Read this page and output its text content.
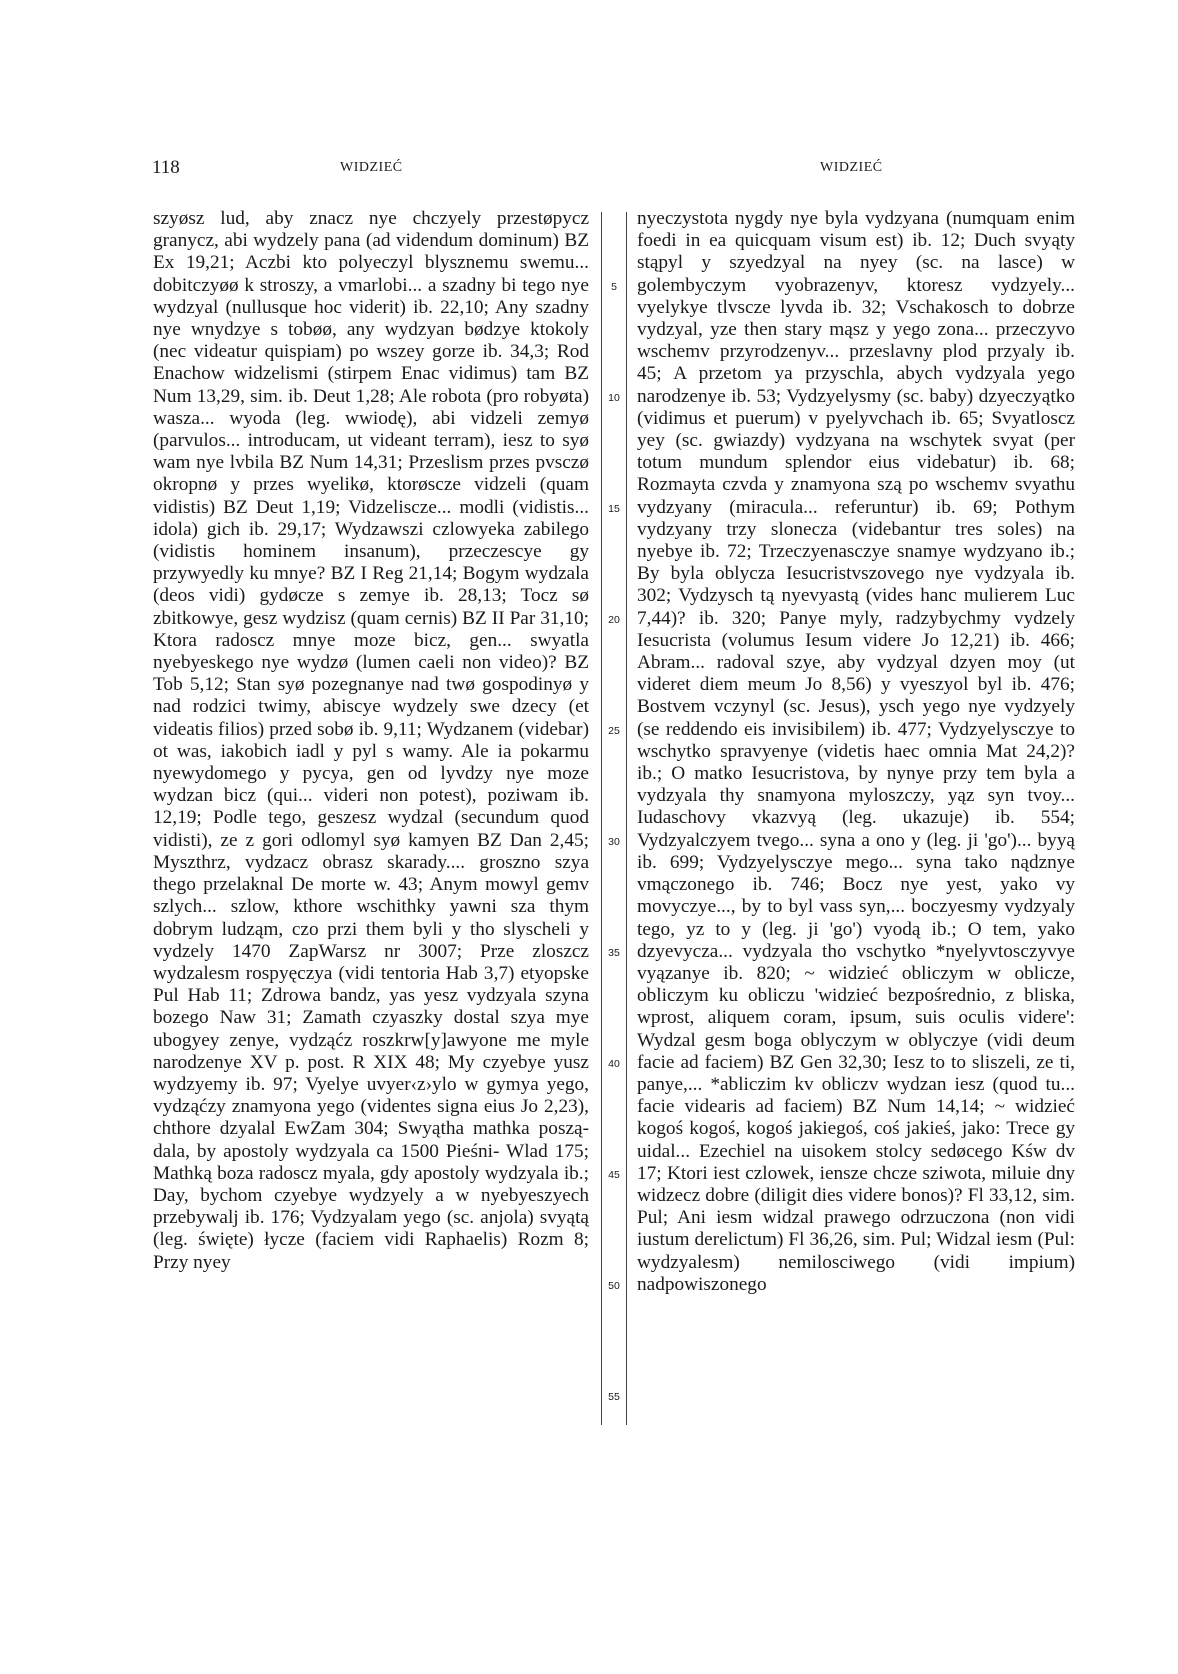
118	WIDZIEĆ	WIDZIEĆ

szyøsz lud, aby znacz nye chczyely przestøpycz granycz, abi wydzely pana (ad videndum dominum) BZ Ex 19,21; Aczbi kto polyeczyl blysznemu swemu... dobitczyøø k stroszy, a vmarlobi... a szadny bi tego nye wydzyal (nullusque hoc viderit) ib. 22,10; Any szadny nye wnydzye s tobøø, any wydzyan bødzye ktokoly (nec videatur quispiam) po wszey gorze ib. 34,3; Rod Enachow widzelismi (stirpem Enac vidimus) tam BZ Num 13,29, sim. ib. Deut 1,28; Ale robota (pro robyøta) wasza... wyoda (leg. wwiodę), abi vidzeli zemyø (parvulos... introducam, ut videant terram), iesz to syø wam nye lvbila BZ Num 14,31; Przeslism przes pvsczø okropnø y przes wyelikø, ktorøscze vidzeli (quam vidistis) BZ Deut 1,19; Vidzeliscze... modli (vidistis... idola) gich ib. 29,17; Wydzawszi czlowyeka zabilego (vidistis hominem insanum), przeczescye gy przywyedly ku mnye? BZ I Reg 21,14; Bogym wydzala (deos vidi) gydøcze s zemye ib. 28,13; Tocz sø zbitkowye, gesz wydzisz (quam cernis) BZ II Par 31,10; Ktora radoscz mnye moze bicz, gen... swyatla nyebyeskego nye wydzø (lumen caeli non video)? BZ Tob 5,12; Stan syø pozegnanye nad twø gospodinyø y nad rodzici twimy, abiscye wydzely swe dzecy (et videatis filios) przed sobø ib. 9,11; Wydzanem (videbar) ot was, iakobich iadl y pyl s wamy. Ale ia pokarmu nyewydomego y pycya, gen od lyvdzy nye moze wydzan bicz (qui... videri non potest), poziwam ib. 12,19; Podle tego, geszesz wydzal (secundum quod vidisti), ze z gori odlomyl syø kamyen BZ Dan 2,45; Myszthrz, vydzacz obrasz skarady.... groszno szya thego przelaknal De morte w. 43; Anym mowyl gemv szlych... szlow, kthore wschithky yawni sza thym dobrym ludząm, czo przi them byli y tho slyscheli y vydzely 1470 ZapWarsz nr 3007; Prze zloszcz wydzalesm rospyęczya (vidi tentoria Hab 3,7) etyopske Pul Hab 11; Zdrowa bandz, yas yesz vydzyala szyna bozego Naw 31; Zamath czyaszky dostal szya mye ubogyey zenye, vydząćz roszkrw[y]awyone me myle narodzenye XV p. post. R XIX 48; My czyebye yusz wydzyemy ib. 97; Vyelye uvyer‹z›ylo w gymya yego, vydząćzy znamyona yego (videntes signa eius Jo 2,23), chthore dzyalal EwZam 304; Swyątha mathka poszą- dala, by apostoly wydzyala ca 1500 Pieśni- Wlad 175; Mathką boza radoscz myala, gdy apostoly wydzyala ib.; Day, bychom czyebye wydzyely a w nyebyeszyech przebywalj ib. 176; Vydzyalam yego (sc. anjola) svyątą (leg. święte) łycze (faciem vidi Raphaelis) Rozm 8; Przy nyey

5
10
15
20
25
30
35
40
45
50
55

nyeczystota nygdy nye byla vydzyana (numquam enim foedi in ea quicquam visum est) ib. 12; Duch svyąty stąpyl y szyedzyal na nyey (sc. na lasce) w golembyczym vyobrazenyv, ktoresz vydzyely... vyelykye tlvscze lyvda ib. 32; Vschakosch to dobrze vydzyal, yze then stary mąsz y yego zona... przeczyvo wschemv przyrodzenyv... przeslavny plod przyaly ib. 45; A przetom ya przyschla, abych vydzyala yego narodzenye ib. 53; Vydzyelysmy (sc. baby) dzyeczyątko (vidimus et puerum) v pyelyvchach ib. 65; Svyatloscz yey (sc. gwiazdy) vydzyana na wschytek svyat (per totum mundum splendor eius videbatur) ib. 68; Rozmayta czvda y znamyona szą po wschemv svyathu vydzyany (miracula... referuntur) ib. 69; Pothym vydzyany trzy slonecza (videbantur tres soles) na nyebye ib. 72; Trzeczyenasczye snamye wydzyano ib.; By byla oblycza Iesucristvszovego nye vydzyala ib. 302; Vydzysch tą nyevyastą (vides hanc mulierem Luc 7,44)? ib. 320; Panye myly, radzybychmy vydzely Iesucrista (volumus Iesum videre Jo 12,21) ib. 466; Abram... radoval szye, aby vydzyal dzyen moy (ut videret diem meum Jo 8,56) y vyeszyol byl ib. 476; Bostvem vczynyl (sc. Jesus), ysch yego nye vydzyely (se reddendo eis invisibilem) ib. 477; Vydzyelysczye to wschytko spravyenye (videtis haec omnia Mat 24,2)? ib.; O matko Iesucristova, by nynye przy tem byla a vydzyala thy snamyona myloszczy, yąz syn tvoy... Iudaschovy vkazvyą (leg. ukazuje) ib. 554; Vydzyalczyem tvego... syna a ono y (leg. ji 'go')... byyą ib. 699; Vydzyelysczye mego... syna tako nądznye vmączonego ib. 746; Bocz nye yest, yako vy movyczye..., by to byl vass syn,... boczyesmy vydzyaly tego, yz to y (leg. ji 'go') vyodą ib.; O tem, yako dzyevycza... vydzyala tho vschytko *nyelyvtosczyvye vyązanye ib. 820; ~ widzieć obliczym w oblicze, obliczym ku obliczu 'widzieć bezpośrednio, z bliska, wprost, aliquem coram, ipsum, suis oculis videre': Wydzal gesm boga oblyczym w oblyczye (vidi deum facie ad faciem) BZ Gen 32,30; Iesz to to sliszeli, ze ti, panye,... *abliczim kv obliczv wydzan iesz (quod tu... facie videaris ad faciem) BZ Num 14,14; ~ widzieć kogoś kogoś, kogoś jakiegoś, coś jakieś, jako: Trece gy uidal... Ezechiel na uisokem stolcy sedøcego Kśw dv 17; Ktori iest czlowek, iensze chcze sziwota, miluie dny widzecz dobre (diligit dies videre bonos)? Fl 33,12, sim. Pul; Ani iesm widzal prawego odrzuczona (non vidi iustum derelictum) Fl 36,26, sim. Pul; Widzal iesm (Pul: wydzyalesm) nemilosciwego (vidi impium) nadpowiszonego
